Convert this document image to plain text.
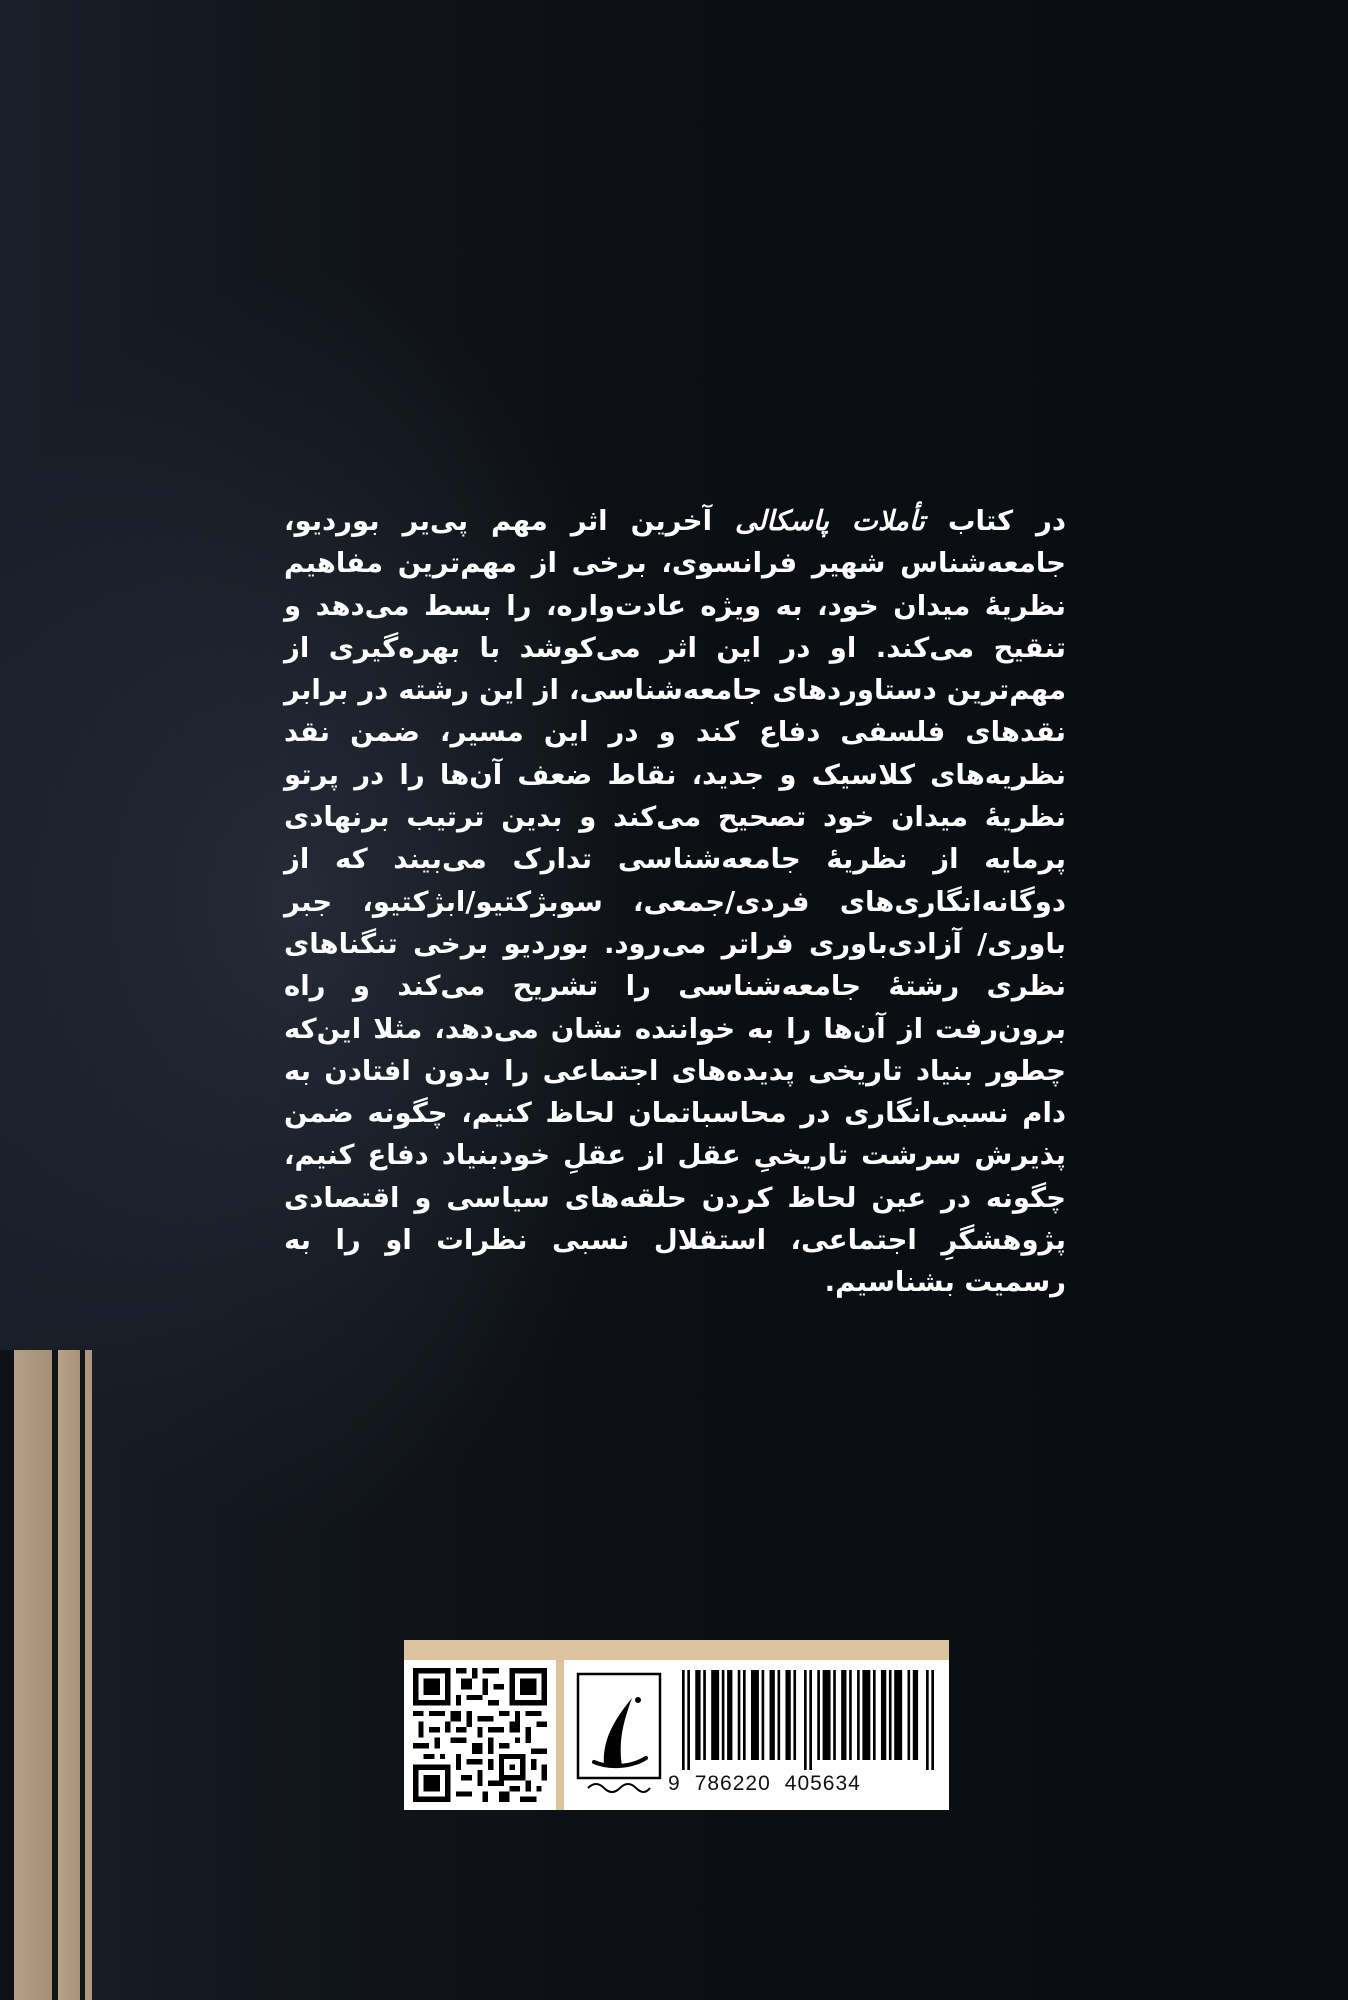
در کتاب تأملات پاسکالی آخرین اثر مهم پی‌یر بوردیو، جامعه‌شناس شهیر فرانسوی، برخی از مهم‌ترین مفاهیم نظریهٔ میدان خود، به ویژه عادت‌واره، را بسط می‌دهد و تنقیح می‌کند. او در این اثر می‌کوشد با بهره‌گیری از مهم‌ترین دستاوردهای جامعه‌شناسی، از این رشته در برابر نقدهای فلسفی دفاع کند و در این مسیر، ضمن نقد نظریه‌های کلاسیک و جدید، نقاط ضعف آن‌ها را در پرتو نظریهٔ میدان خود تصحیح می‌کند و بدین ترتیب برنهادی پرمایه از نظریهٔ جامعه‌شناسی تدارک می‌بیند که از دوگانه‌انگاری‌های فردی/جمعی، سوبژکتیو/ابژکتیو، جبر باوری/ آزادی‌باوری فراتر می‌رود. بوردیو برخی تنگناهای نظری رشتهٔ جامعه‌شناسی را تشریح می‌کند و راه برون‌رفت از آن‌ها را به خواننده نشان می‌دهد، مثلا این‌که چطور بنیاد تاریخی پدیده‌های اجتماعی را بدون افتادن به دام نسبی‌انگاری در محاسباتمان لحاظ کنیم، چگونه ضمن پذیرش سرشت تاریخیِ عقل از عقلِ خودبنیاد دفاع کنیم، چگونه در عین لحاظ کردن حلقه‌های سیاسی و اقتصادی پژوهشگرِ اجتماعی، استقلال نسبی نظرات او را به رسمیت بشناسیم.

9 786220 405634
